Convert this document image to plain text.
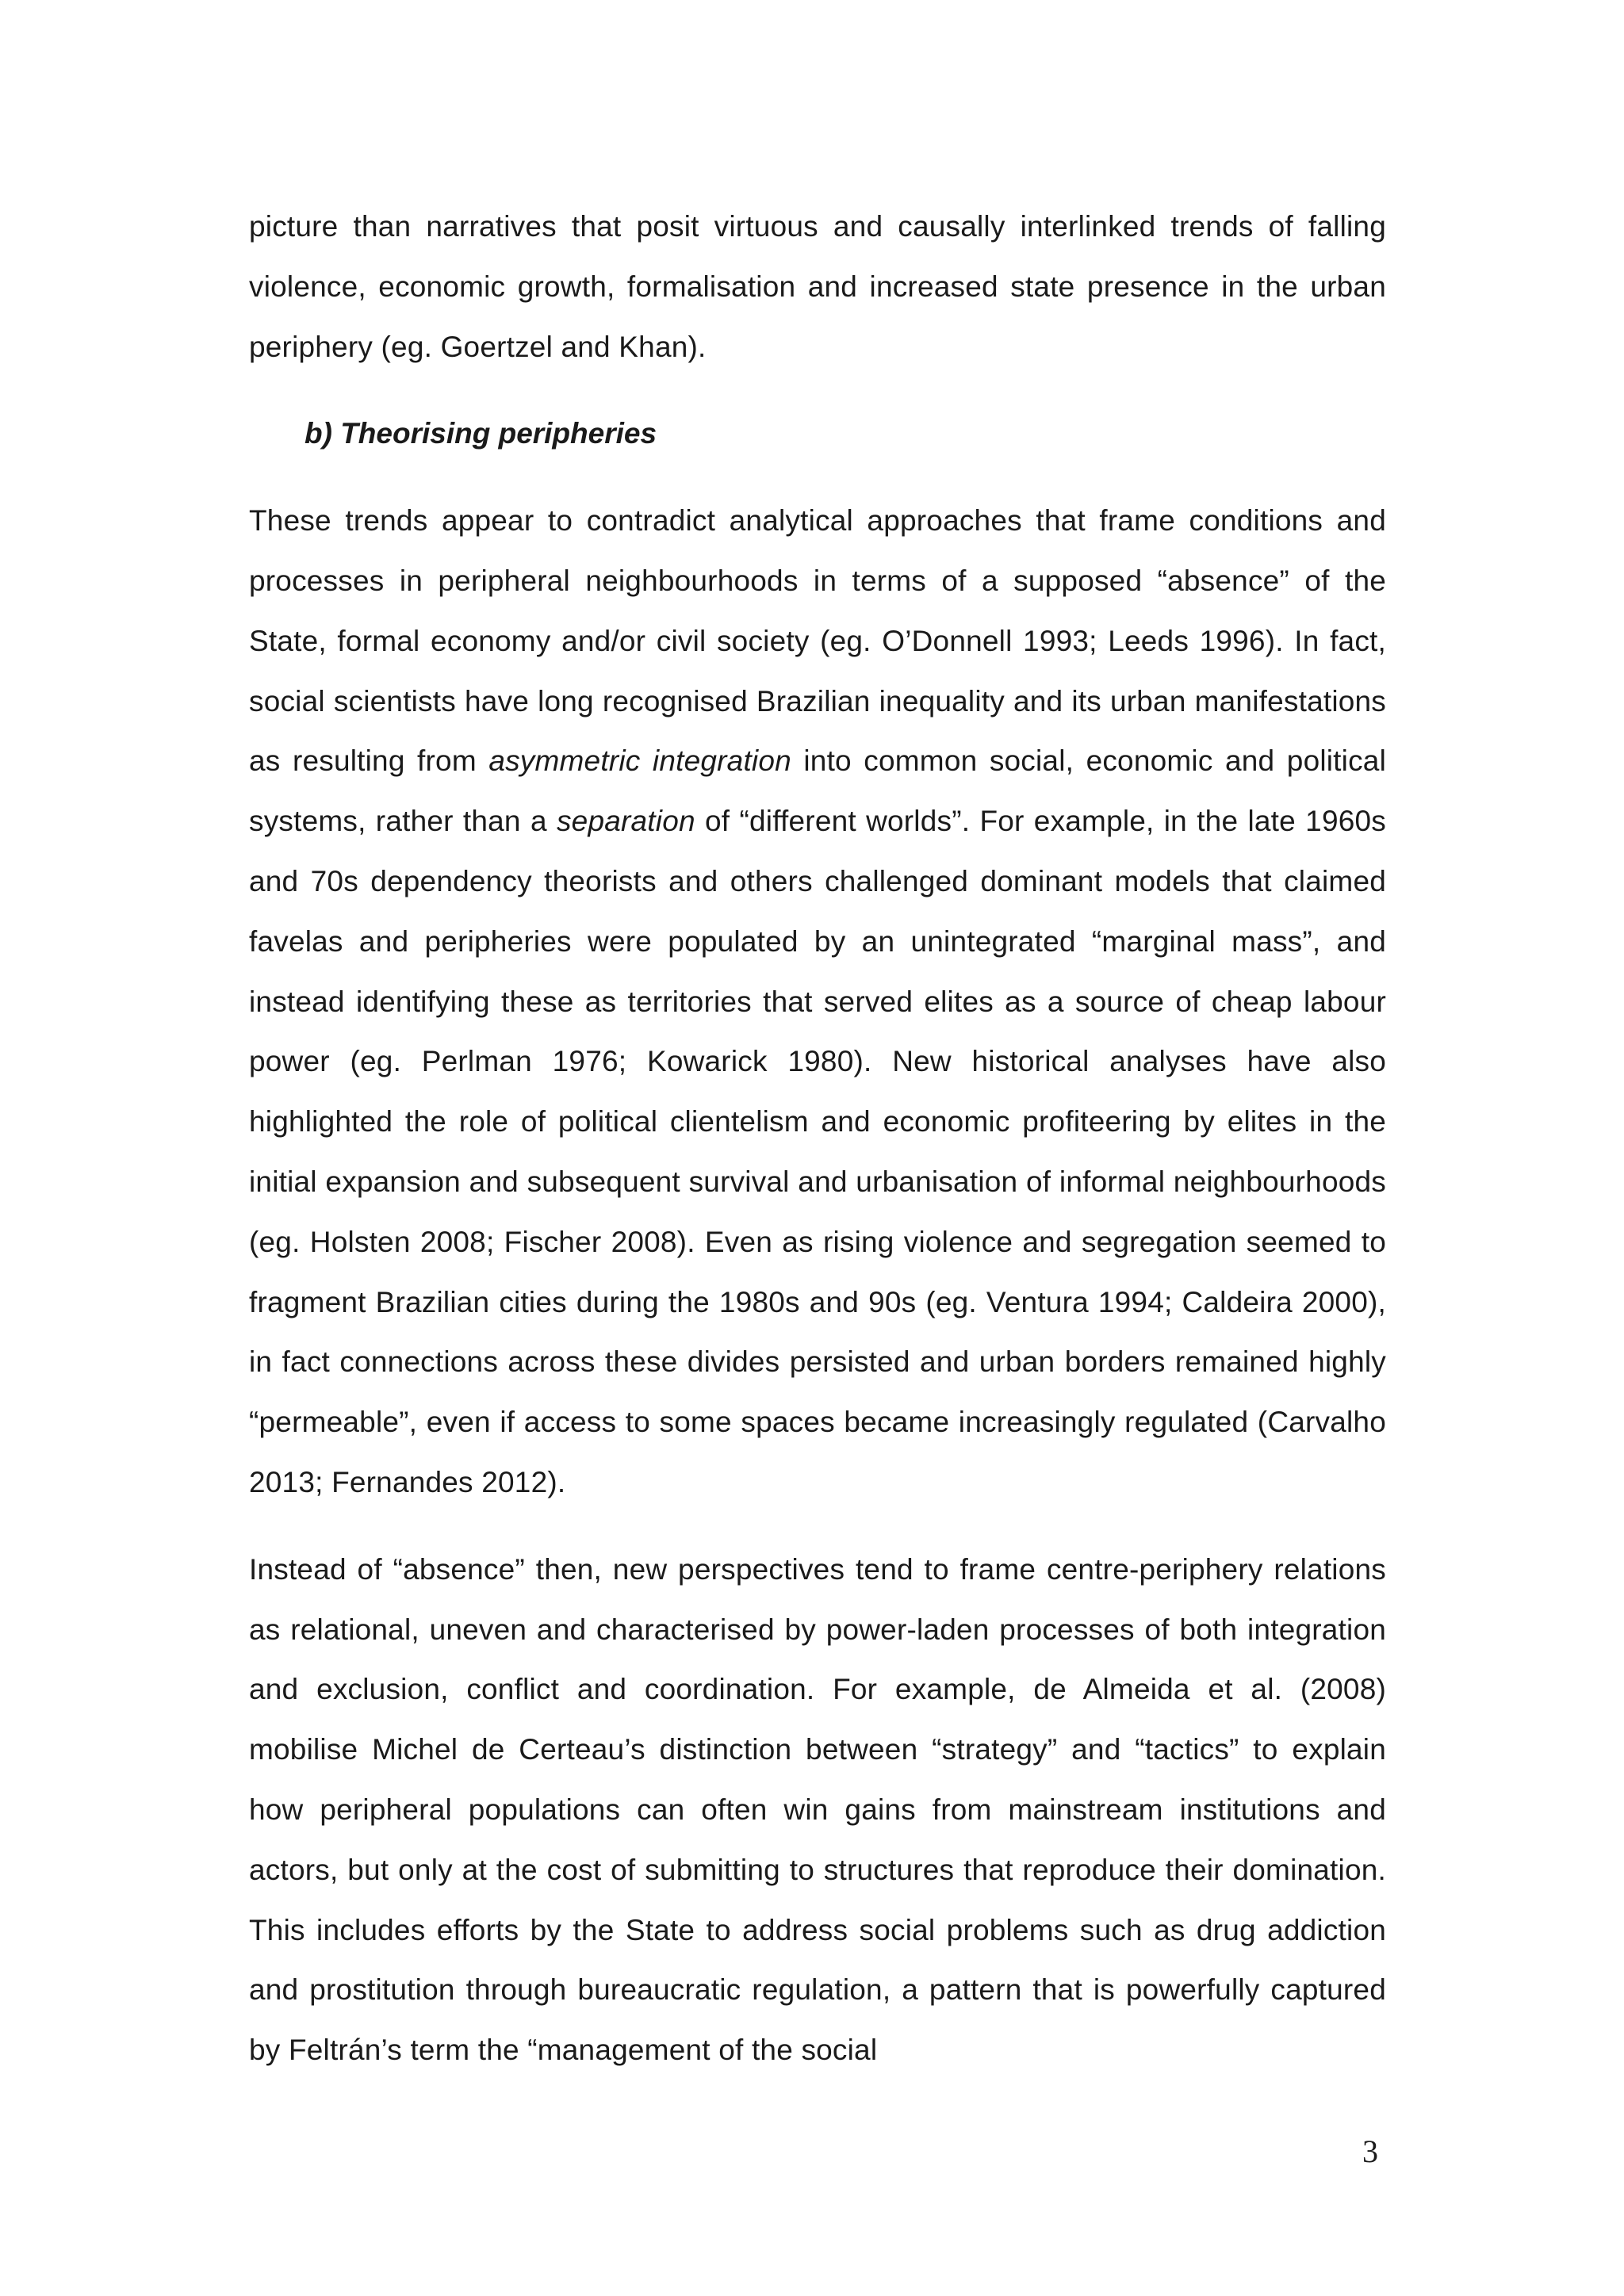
picture than narratives that posit virtuous and causally interlinked trends of falling violence, economic growth, formalisation and increased state presence in the urban periphery (eg. Goertzel and Khan).

b) Theorising peripheries

These trends appear to contradict analytical approaches that frame conditions and processes in peripheral neighbourhoods in terms of a supposed “absence” of the State, formal economy and/or civil society (eg. O’Donnell 1993; Leeds 1996). In fact, social scientists have long recognised Brazilian inequality and its urban manifestations as resulting from asymmetric integration into common social, economic and political systems, rather than a separation of “different worlds”. For example, in the late 1960s and 70s dependency theorists and others challenged dominant models that claimed favelas and peripheries were populated by an unintegrated “marginal mass”, and instead identifying these as territories that served elites as a source of cheap labour power (eg. Perlman 1976; Kowarick 1980). New historical analyses have also highlighted the role of political clientelism and economic profiteering by elites in the initial expansion and subsequent survival and urbanisation of informal neighbourhoods (eg. Holsten 2008; Fischer 2008). Even as rising violence and segregation seemed to fragment Brazilian cities during the 1980s and 90s (eg. Ventura 1994; Caldeira 2000), in fact connections across these divides persisted and urban borders remained highly “permeable”, even if access to some spaces became increasingly regulated (Carvalho 2013; Fernandes 2012).

Instead of “absence” then, new perspectives tend to frame centre-periphery relations as relational, uneven and characterised by power-laden processes of both integration and exclusion, conflict and coordination. For example, de Almeida et al. (2008) mobilise Michel de Certeau’s distinction between “strategy” and “tactics” to explain how peripheral populations can often win gains from mainstream institutions and actors, but only at the cost of submitting to structures that reproduce their domination. This includes efforts by the State to address social problems such as drug addiction and prostitution through bureaucratic regulation, a pattern that is powerfully captured by Feltrán’s term the “management of the social

3
